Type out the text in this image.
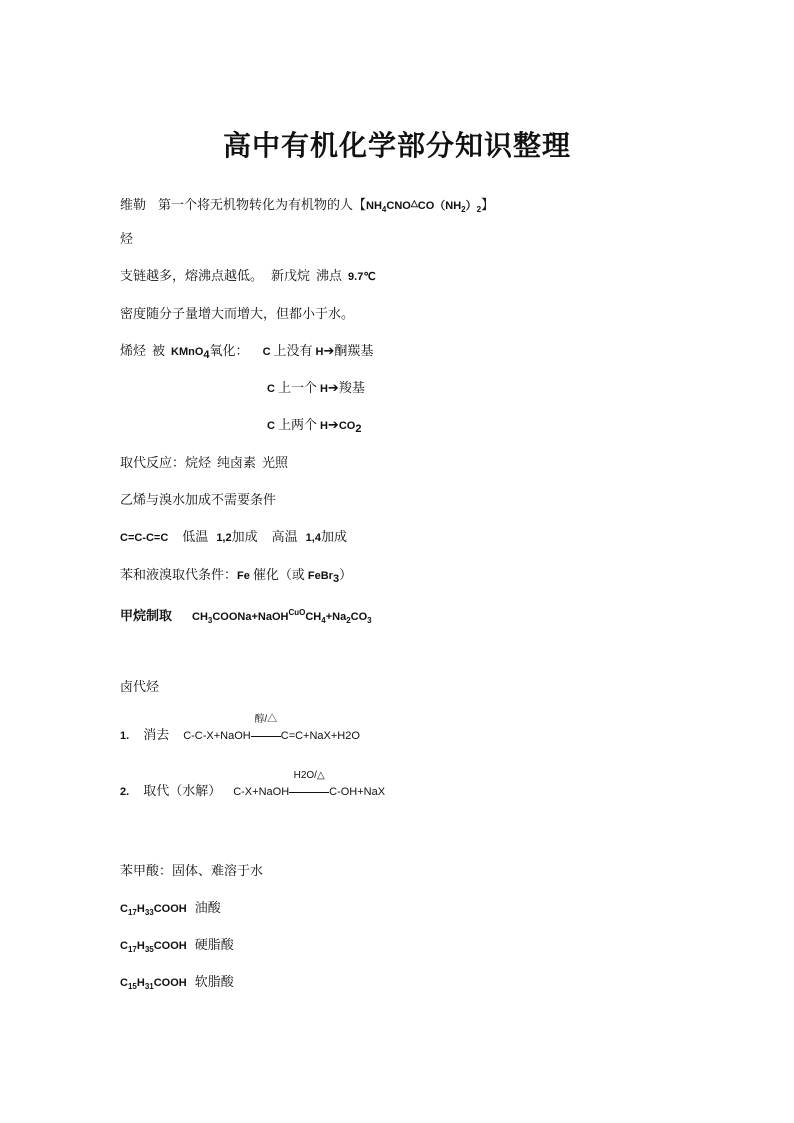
高中有机化学部分知识整理
维勒 第一个将无机物转化为有机物的人【$NH_4CNO^\triangle CO(NH_2)_2$】
烃
支链越多，熔沸点越低。 新戊烷 沸点 9.7℃
密度随分子量增大而增大，但都小于水。
烯烃 被 KMnO$_4$氧化： C 上没有 H➔酮羰基
C 上一个 H➔羧基
C 上两个 $H➔CO_2$
取代反应：烷烃 纯卤素 光照
乙烯与溴水加成不需要条件
C=C-C=C 低温 1,2加成 高温 1,4加成
苯和液溴取代条件：Fe 催化（或 FeBr$_3$）
甲烷制取 $CH_3COONa+NaOHCuOCH_4+Na_2CO_3$
卤代烃
1. 消去 C-C-X+NaOH
醇/△
C=C+NaX+H2O
2. 取代（水解） C-X+NaOH
H2O/△
C-OH+NaX
苯甲酸：固体、难溶于水
$C_{17}H_{33}COOH$ 油酸
$C_{17}H_{35}COOH$ 硬脂酸
$C_{15}H_{31}COOH$ 软脂酸
